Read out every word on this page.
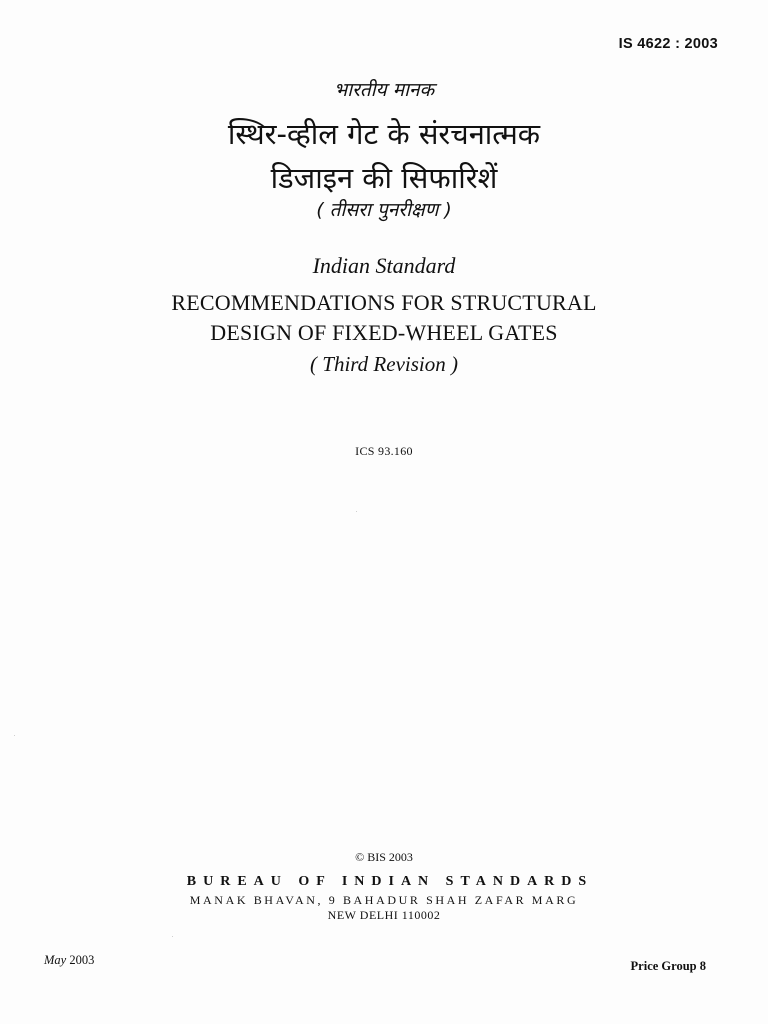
IS 4622 : 2003
भारतीय मानक
स्थिर-व्हील गेट के संरचनात्मक
डिजाइन की सिफारिशें
( तीसरा पुनरीक्षण )
Indian Standard
RECOMMENDATIONS FOR STRUCTURAL
DESIGN OF FIXED-WHEEL GATES
( Third Revision )
ICS 93.160
© BIS 2003
BUREAU OF INDIAN STANDARDS
MANAK BHAVAN, 9 BAHADUR SHAH ZAFAR MARG
NEW DELHI 110002
May 2003	Price Group 8
